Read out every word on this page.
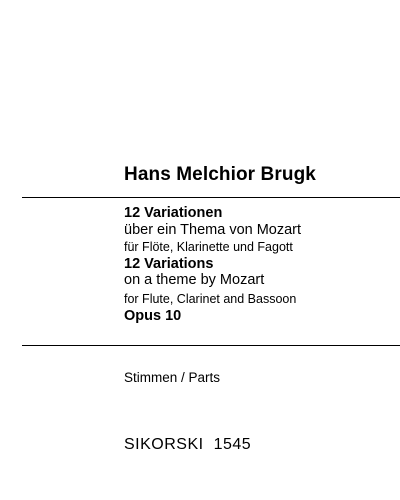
Hans Melchior Brugk
12 Variationen
über ein Thema von Mozart
für Flöte, Klarinette und Fagott
12 Variations
on a theme by Mozart
for Flute, Clarinet and Bassoon
Opus 10
Stimmen / Parts
SIKORSKI 1545
